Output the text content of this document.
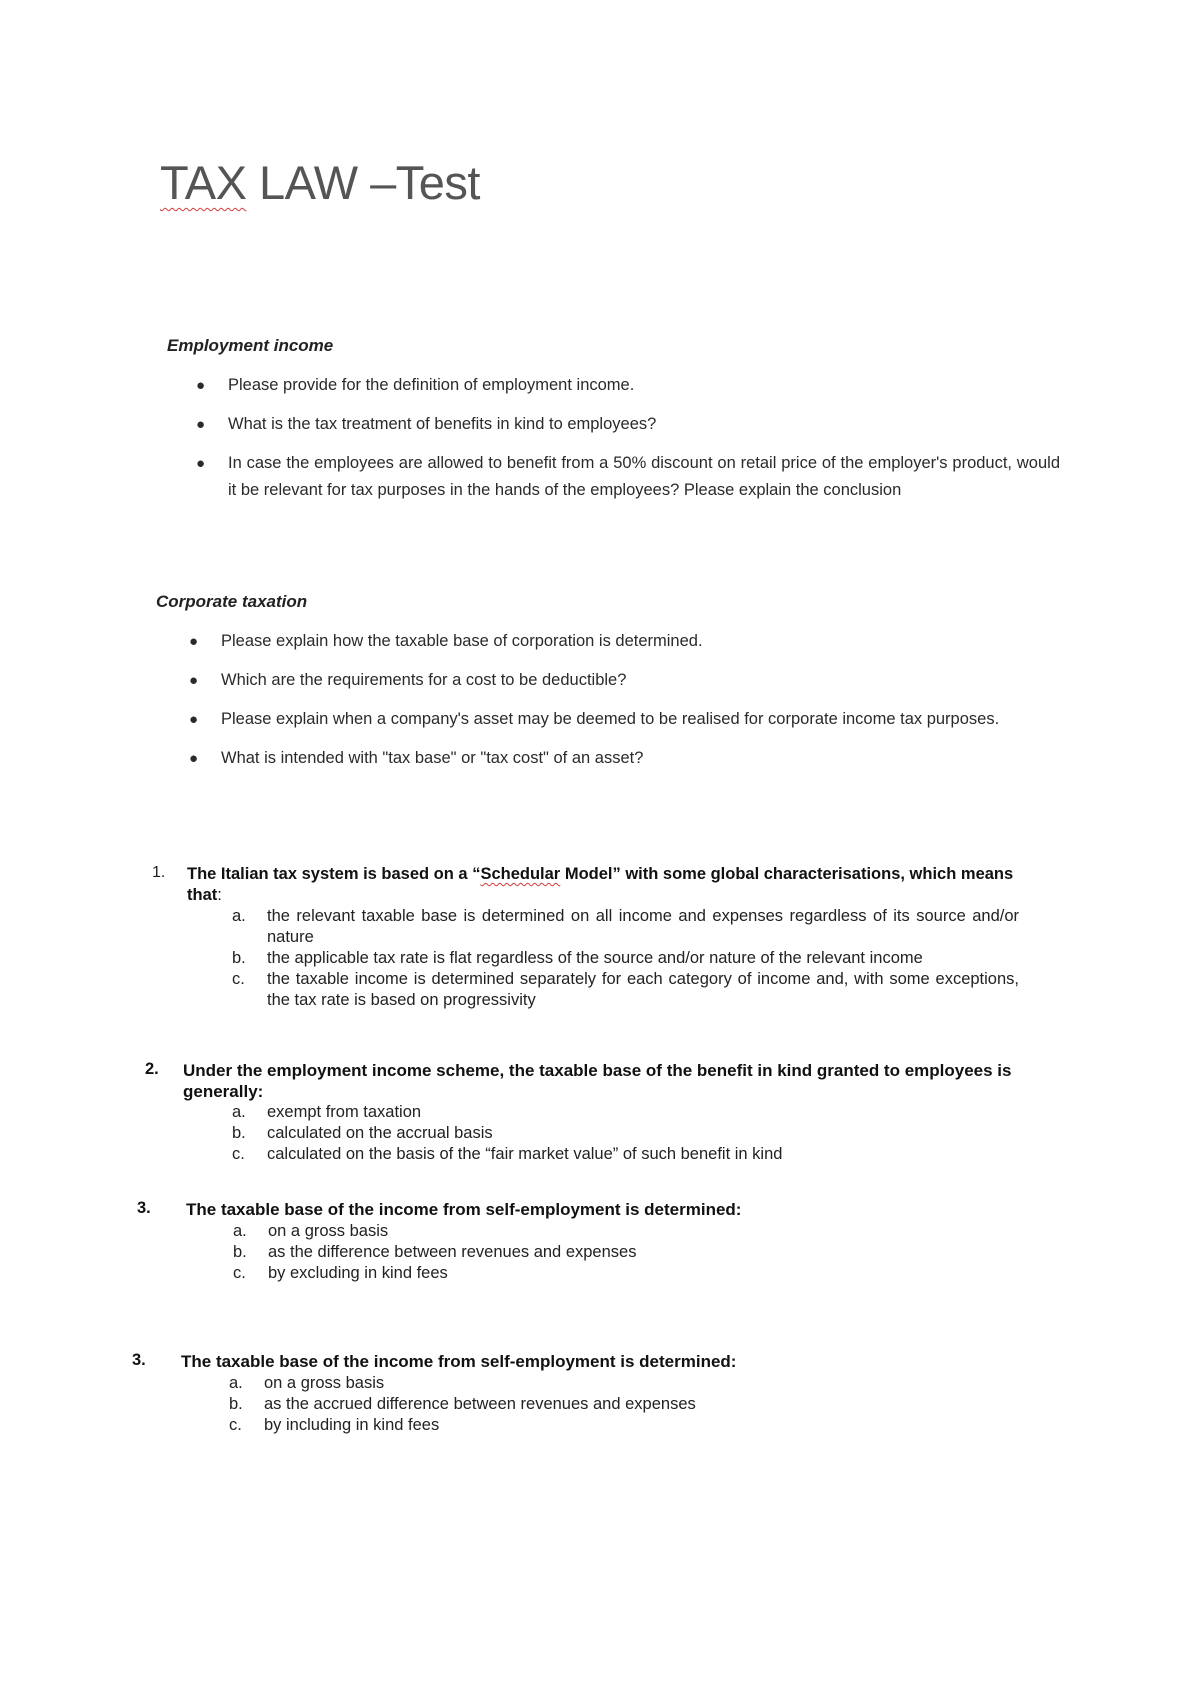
TAX LAW –Test
Employment income
● Please provide for the definition of employment income.
● What is the tax treatment of benefits in kind to employees?
● In case the employees are allowed to benefit from a 50% discount on retail price of the employer's product, would it be relevant for tax purposes in the hands of the employees? Please explain the conclusion
Corporate taxation
● Please explain how the taxable base of corporation is determined.
● Which are the requirements for a cost to be deductible?
● Please explain when a company's asset may be deemed to be realised for corporate income tax purposes.
● What is intended with "tax base" or "tax cost" of an asset?
1. The Italian tax system is based on a “Schedular Model” with some global characterisations, which means that:
a. the relevant taxable base is determined on all income and expenses regardless of its source and/or nature
b. the applicable tax rate is flat regardless of the source and/or nature of the relevant income
c. the taxable income is determined separately for each category of income and, with some exceptions, the tax rate is based on progressivity
2. Under the employment income scheme, the taxable base of the benefit in kind granted to employees is generally:
a. exempt from taxation
b. calculated on the accrual basis
c. calculated on the basis of the “fair market value” of such benefit in kind
3. The taxable base of the income from self-employment is determined:
a. on a gross basis
b. as the difference between revenues and expenses
c. by excluding in kind fees
3. The taxable base of the income from self-employment is determined:
a. on a gross basis
b. as the accrued difference between revenues and expenses
c. by including in kind fees
